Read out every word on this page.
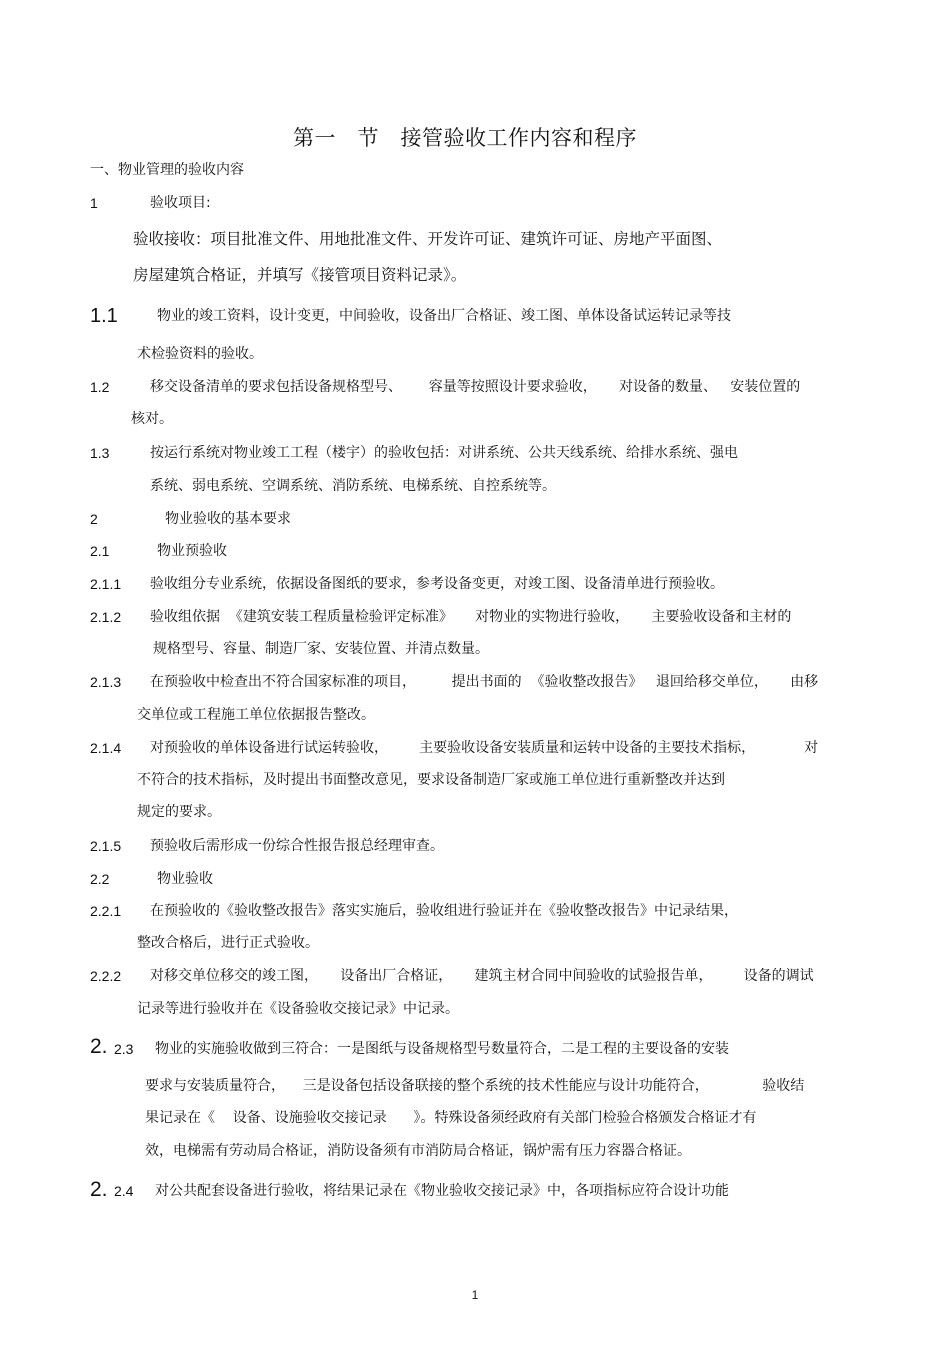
第一   节   接管验收工作内容和程序
一、物业管理的验收内容
1	验收项目:
验收接收：项目批准文件、用地批准文件、开发许可证、建筑许可证、房地产平面图、
房屋建筑合格证，并填写《接管项目资料记录》。
1.1	物业的竣工资料，设计变更，中间验收，设备出厂合格证、竣工图、单体设备试运转记录等技
术检验资料的验收。
1.2	移交设备清单的要求包括设备规格型号、      容量等按照设计要求验收，     对设备的数量、   安装位置的
核对。
1.3	按运行系统对物业竣工工程（楼宇）的验收包括：对讲系统、公共天线系统、给排水系统、强电
系统、弱电系统、空调系统、消防系统、电梯系统、自控系统等。
2	物业验收的基本要求
2.1	物业预验收
2.1.1 验收组分专业系统，依据设备图纸的要求，参考设备变更，对竣工图、设备清单进行预验收。
2.1.2 验收组依据  《建筑安装工程质量检验评定标准》     对物业的实物进行验收，     主要验收设备和主材的
规格型号、容量、制造厂家、安装位置、并清点数量。
2.1.3 在预验收中检查出不符合国家标准的项目，        提出书面的  《验收整改报告》   退回给移交单位，     由移
交单位或工程施工单位依据报告整改。
2.1.4 对预验收的单体设备进行试运转验收，       主要验收设备安装质量和运转中设备的主要技术指标，           对
不符合的技术指标，及时提出书面整改意见，要求设备制造厂家或施工单位进行重新整改并达到
规定的要求。
2.1.5 预验收后需形成一份综合性报告报总经理审查。
2.2	物业验收
2.2.1 在预验收的《验收整改报告》落实实施后，验收组进行验证并在《验收整改报告》中记录结果，
整改合格后，进行正式验收。
2.2.2 对移交单位移交的竣工图，     设备出厂合格证，     建筑主材合同中间验收的试验报告单，       设备的调试
记录等进行验收并在《设备验收交接记录》中记录。
2. 2.3 物业的实施验收做到三符合：一是图纸与设备规格型号数量符合，二是工程的主要设备的安装
要求与安装质量符合，    三是设备包括设备联接的整个系统的技术性能应与设计功能符合，            验收结
果记录在《    设备、设施验收交接记录      》。特殊设备须经政府有关部门检验合格颁发合格证才有
效，电梯需有劳动局合格证，消防设备须有市消防局合格证，锅炉需有压力容器合格证。
2. 2.4 对公共配套设备进行验收，将结果记录在《物业验收交接记录》中，各项指标应符合设计功能
1
